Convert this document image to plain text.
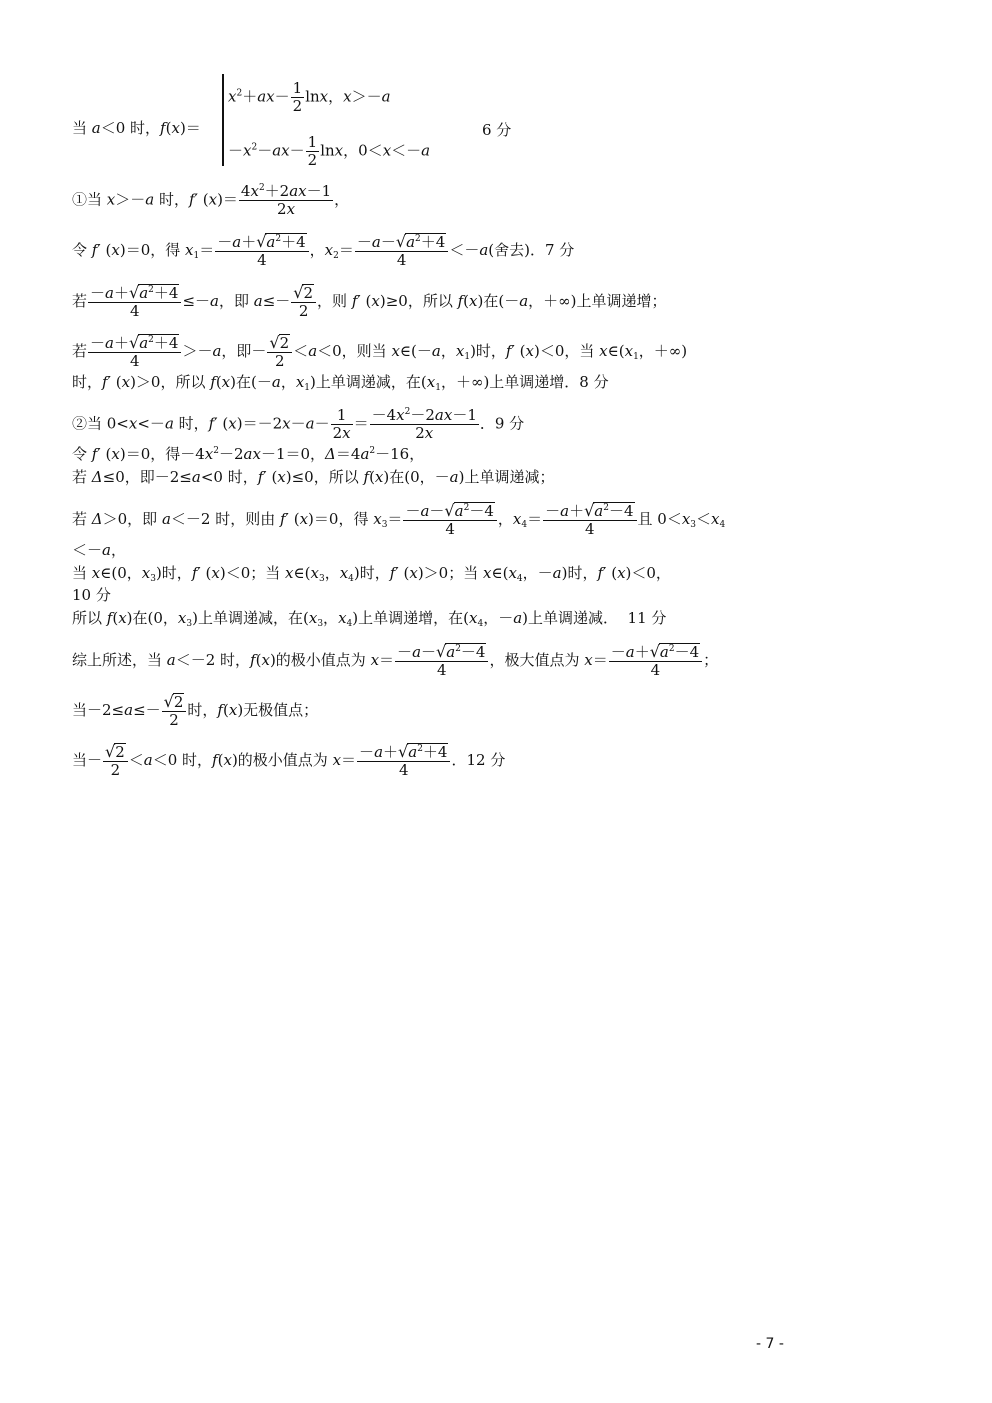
当 a＜0 时，f(x)＝
$x^2+ax- \frac{1}{2}$ lnx，x＞－a
$-x^2-ax- \frac{1}{2}$ lnx，0＜x＜－a
6 分
①当 x＞－a 时，f′ $(x)= \frac{4x^2+2ax-1}{2x}$ ，
令 f′ (x)＝0，得 $x_1= \frac{-a+√a^2+4}{4}$ ，$x_2= \frac{-a-√a^2+4}{4} <-a$(舍去)．7 分
若 $\frac{-a+√a^2+4}{4} \le-a$，即 $a\le- \frac{√2}{2}$ ，则 f′ (x)≥0，所以 f(x)在(－a，＋∞)上单调递增；
若 $\frac{-a+√a^2+4}{4} >-a$，即－ $\frac{√2}{2} <a<0$，则当 x∈(－a，$x_1$)时，f′ (x)＜0，当 $x\in(x_1$，＋∞)
时，f′ (x)＞0，所以 f(x)在(－a，$x_1$)上单调递减，在($x_1$，＋∞)上单调递增．8 分
②当 0<x<－a 时，f′ $(x)=-2x-a- \frac{1}{2x} = \frac{-4x^2-2ax-1}{2x}$ ．9 分
令 f′ (x)＝0，得$-4x^2-2ax-1=0$，$\Delta=4a^2-16$，
若 Δ≤0，即－2≤a<0 时，f′ (x)≤0，所以 f(x)在(0，－a)上单调递减；
若 Δ＞0，即 a＜－2 时，则由 f′ (x)＝0，得 $x_3= \frac{-a-√a^2-4}{4}$ ，$x_4= \frac{-a+√a^2-4}{4}$ 且 $0<x_3<x_4$
＜－a，
当 x∈(0，$x_3$)时，f′ (x)＜0；当 $x\in(x_3$，$x_4$)时，f′ (x)＞0；当 $x\in(x_4$，－a)时，f′ (x)＜0，
10 分
所以 f(x)在(0，$x_3$)上单调递减，在($x_3$，$x_4$)上单调递增，在($x_4$，－a)上单调递减．  11 分
综上所述，当 a＜－2 时，f(x)的极小值点为 $x= \frac{-a-√a^2-4}{4}$ ，极大值点为 $x= \frac{-a+√a^2-4}{4}$ ；
当$-2\le a\le- \frac{√2}{2}$ 时，f(x)无极值点；
当－ $\frac{√2}{2} <a<0$ 时，f(x)的极小值点为 $x= \frac{-a+√a^2+4}{4}$ ．12 分
- 7 -
